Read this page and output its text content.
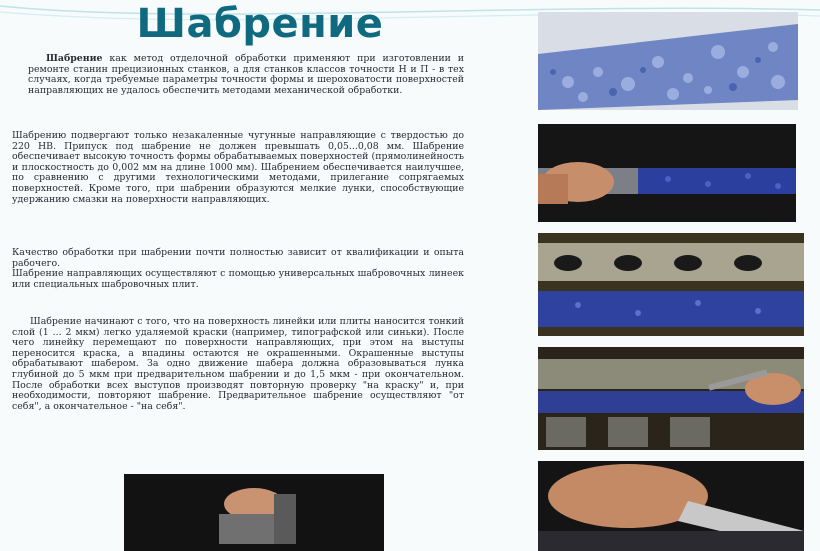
Шабрение

Шабрение как метод отделочной обработки применяют при изготовлении и ремонте станин прецизионных станков, а для станков классов точности Н и П - в тех случаях, когда требуемые параметры точности формы и шероховатости поверхностей направляющих не удалось обеспечить методами механической обработки.

Шабрению подвергают только незакаленные чугунные направляющие с твердостью до 220 НВ. Припуск под шабрение не должен превышать 0,05...0,08 мм. Шабрение обеспечивает высокую точность формы обрабатываемых поверхностей (прямолинейность и плоскостность до 0,002 мм на длине 1000 мм). Шабрением обеспечивается наилучшее, по сравнению с другими технологическими методами, прилегание сопрягаемых поверхностей. Кроме того, при шабрении образуются мелкие лунки, способствующие удержанию смазки на поверхности направляющих.

Качество обработки при шабрении почти полностью зависит от квалификации и опыта рабочего.

Шабрение направляющих осуществляют с помощью универсальных шабровочных линеек или специальных шабровочных плит.

Шабрение начинают с того, что на поверхность линейки или плиты наносится тонкий слой (1 ... 2 мкм) легко удаляемой краски (например, типографской или синьки). После чего линейку перемещают по поверхности направляющих, при этом на выступы переносится краска, а впадины остаются не окрашенными. Окрашенные выступы обрабатывают шабером. За одно движение шабера должна образовываться лунка глубиной до 5 мкм при предварительном шабрении и до 1,5 мкм - при окончательном. После обработки всех выступов производят повторную проверку "на краску" и, при необходимости, повторяют шабрение. Предварительное шабрение осуществляют "от себя", а окончательное - "на себя".
